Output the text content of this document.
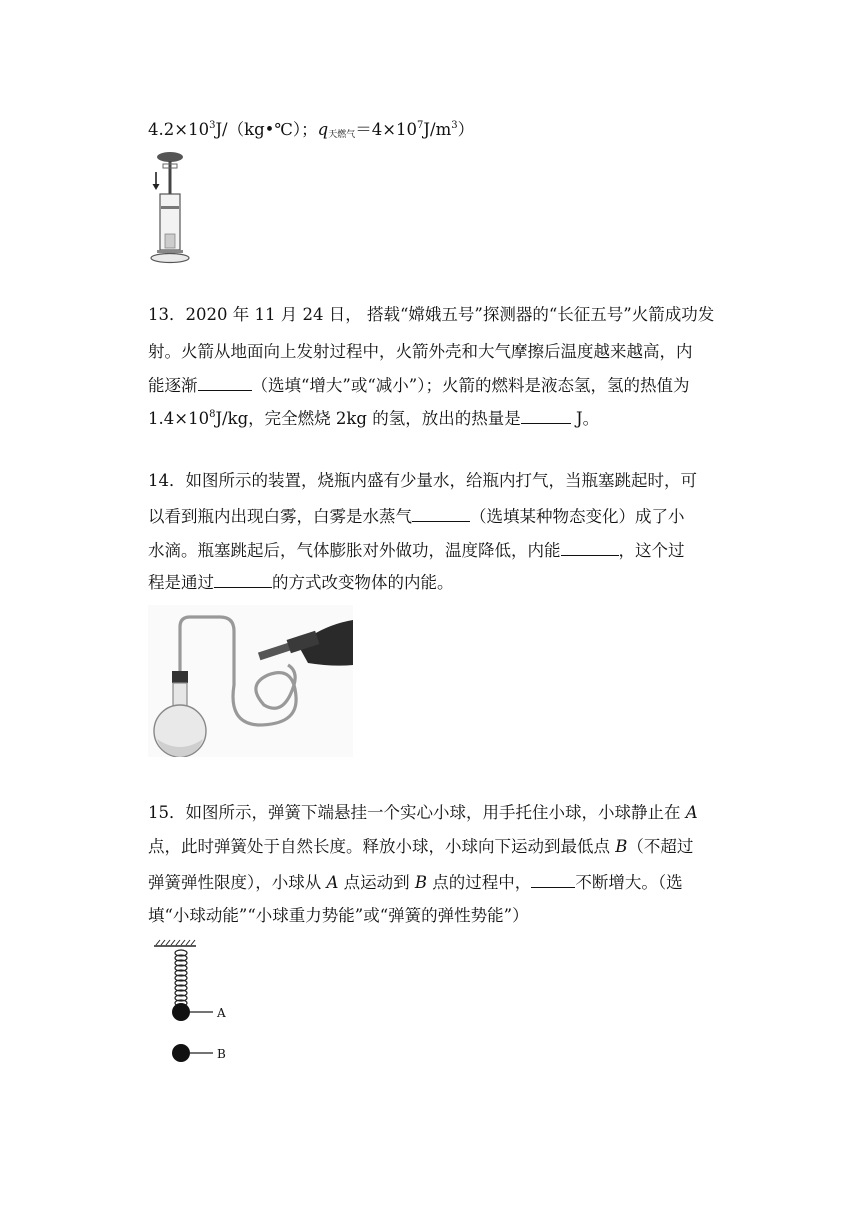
$4.2\times 10^3J/(kg•℃)$；q天燃气$=4\times 10^7J/m^3$）
13．2020 年 11 月 24 日， 搭载“嫦娥五号”探测器的“长征五号”火箭成功发
射。火箭从地面向上发射过程中，火箭外壳和大气摩擦后温度越来越高，内
能逐渐	（选填“增大”或“减小”）；火箭的燃料是液态氢，氢的热值为
$1.4\times 10^8J/kg$，完全燃烧 2kg 的氢，放出的热量是	J。
14．如图所示的装置，烧瓶内盛有少量水，给瓶内打气，当瓶塞跳起时，可
以看到瓶内出现白雾，白雾是水蒸气	（选填某种物态变化）成了小
水滴。瓶塞跳起后，气体膨胀对外做功，温度降低，内能	，这个过
程是通过	的方式改变物体的内能。
15．如图所示，弹簧下端悬挂一个实心小球，用手托住小球，小球静止在 A
点，此时弹簧处于自然长度。释放小球，小球向下运动到最低点 B（不超过
弹簧弹性限度），小球从 A 点运动到 B 点的过程中，	不断增大。（选
填“小球动能”“小球重力势能”或“弹簧的弹性势能”）
A
B
